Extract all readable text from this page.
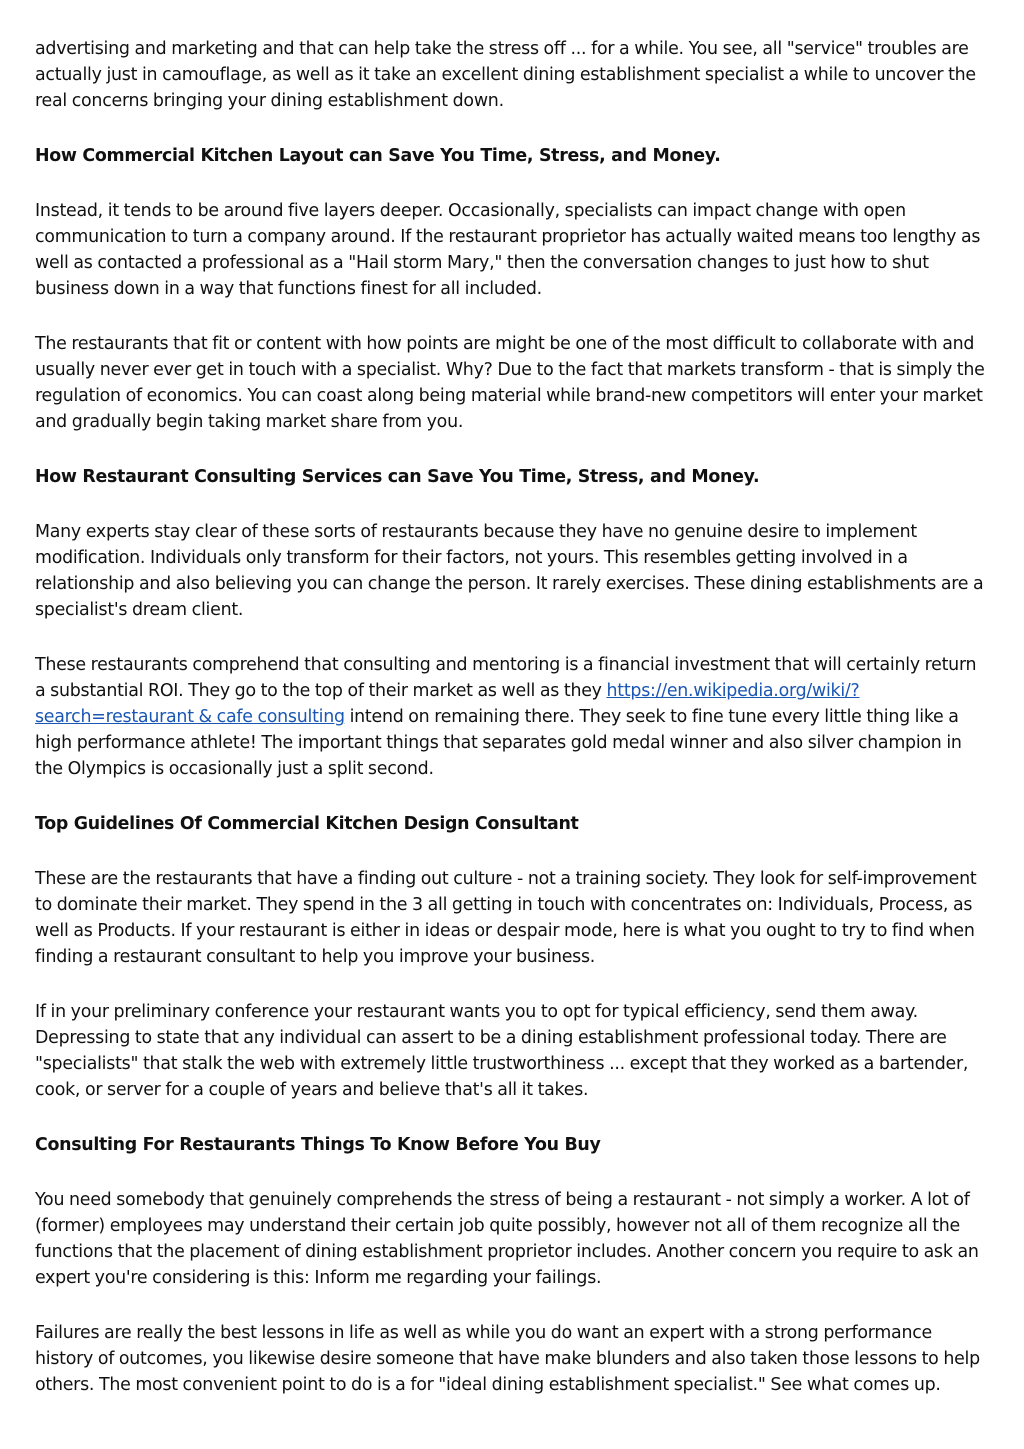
advertising and marketing and that can help take the stress off ... for a while. You see, all "service" troubles are actually just in camouflage, as well as it take an excellent dining establishment specialist a while to uncover the real concerns bringing your dining establishment down.

How Commercial Kitchen Layout can Save You Time, Stress, and Money.

Instead, it tends to be around five layers deeper. Occasionally, specialists can impact change with open communication to turn a company around. If the restaurant proprietor has actually waited means too lengthy as well as contacted a professional as a "Hail storm Mary," then the conversation changes to just how to shut business down in a way that functions finest for all included.

The restaurants that fit or content with how points are might be one of the most difficult to collaborate with and usually never ever get in touch with a specialist. Why? Due to the fact that markets transform - that is simply the regulation of economics. You can coast along being material while brand-new competitors will enter your market and gradually begin taking market share from you.

How Restaurant Consulting Services can Save You Time, Stress, and Money.

Many experts stay clear of these sorts of restaurants because they have no genuine desire to implement modification. Individuals only transform for their factors, not yours. This resembles getting involved in a relationship and also believing you can change the person. It rarely exercises. These dining establishments are a specialist's dream client.

These restaurants comprehend that consulting and mentoring is a financial investment that will certainly return a substantial ROI. They go to the top of their market as well as they https://en.wikipedia.org/wiki/?search=restaurant & cafe consulting intend on remaining there. They seek to fine tune every little thing like a high performance athlete! The important things that separates gold medal winner and also silver champion in the Olympics is occasionally just a split second.

Top Guidelines Of Commercial Kitchen Design Consultant

These are the restaurants that have a finding out culture - not a training society. They look for self-improvement to dominate their market. They spend in the 3 all getting in touch with concentrates on: Individuals, Process, as well as Products. If your restaurant is either in ideas or despair mode, here is what you ought to try to find when finding a restaurant consultant to help you improve your business.

If in your preliminary conference your restaurant wants you to opt for typical efficiency, send them away. Depressing to state that any individual can assert to be a dining establishment professional today. There are "specialists" that stalk the web with extremely little trustworthiness ... except that they worked as a bartender, cook, or server for a couple of years and believe that's all it takes.

Consulting For Restaurants Things To Know Before You Buy

You need somebody that genuinely comprehends the stress of being a restaurant - not simply a worker. A lot of (former) employees may understand their certain job quite possibly, however not all of them recognize all the functions that the placement of dining establishment proprietor includes. Another concern you require to ask an expert you're considering is this: Inform me regarding your failings.

Failures are really the best lessons in life as well as while you do want an expert with a strong performance history of outcomes, you likewise desire someone that have make blunders and also taken those lessons to help others. The most convenient point to do is a for "ideal dining establishment specialist." See what comes up.
